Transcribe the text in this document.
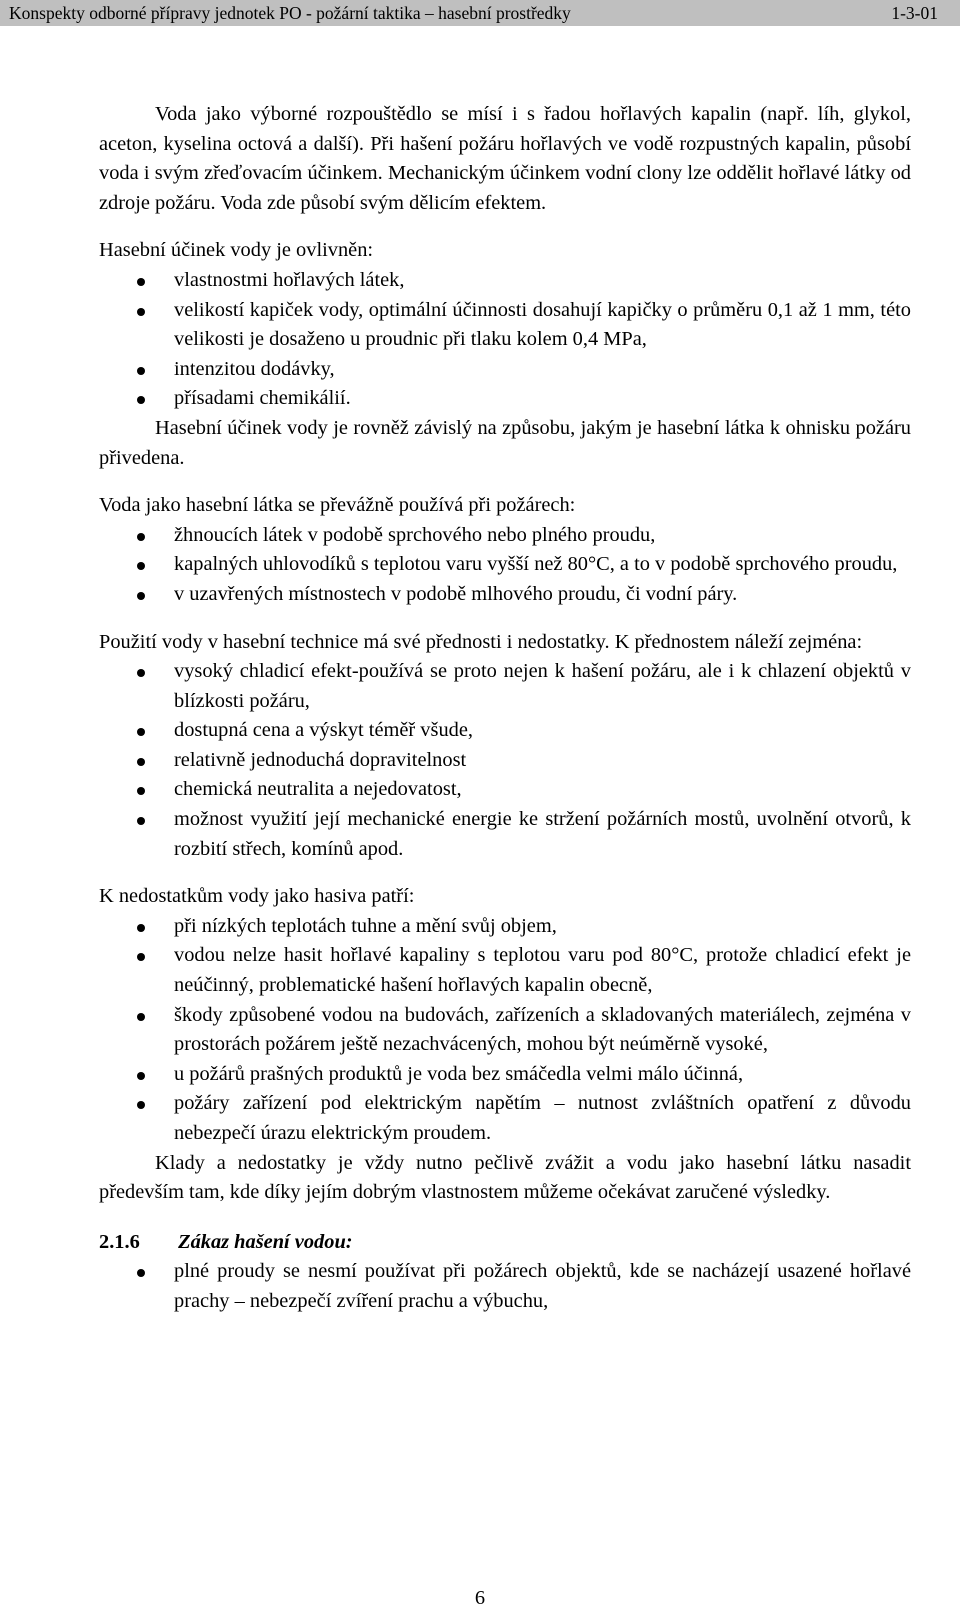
Konspekty odborné přípravy jednotek PO - požární taktika – hasební prostředky	1-3-01

Voda jako výborné rozpouštědlo se mísí i s řadou hořlavých kapalin (např. líh, glykol, aceton, kyselina octová a další). Při hašení požáru hořlavých ve vodě rozpustných kapalin, působí voda i svým zřeďovacím účinkem. Mechanickým účinkem vodní clony lze oddělit hořlavé látky od zdroje požáru. Voda zde působí svým dělicím efektem.

Hasební účinek vody je ovlivněn:

vlastnostmi hořlavých látek,
velikostí kapiček vody, optimální účinnosti dosahují kapičky o průměru 0,1 až 1 mm, této velikosti je dosaženo u proudnic při tlaku kolem 0,4 MPa,
intenzitou dodávky,
přísadami chemikálií.

Hasební účinek vody je rovněž závislý na způsobu, jakým je hasební látka k ohnisku požáru přivedena.

Voda jako hasební látka se převážně používá při požárech:

žhnoucích látek v podobě sprchového nebo plného proudu,
kapalných uhlovodíků s teplotou varu vyšší než 80°C, a to v podobě sprchového proudu,
v uzavřených místnostech v podobě mlhového proudu, či vodní páry.

Použití vody v hasební technice má své přednosti i nedostatky. K přednostem náleží zejména:

vysoký chladicí efekt-používá se proto nejen k hašení požáru, ale i k chlazení objektů v blízkosti požáru,
dostupná cena a výskyt téměř všude,
relativně jednoduchá dopravitelnost
chemická neutralita a nejedovatost,
možnost využití její mechanické energie ke stržení požárních mostů, uvolnění otvorů, k rozbití střech, komínů apod.

K nedostatkům vody jako hasiva patří:

při nízkých teplotách tuhne a mění svůj objem,
vodou nelze hasit hořlavé kapaliny s teplotou varu pod 80°C, protože chladicí efekt je neúčinný, problematické hašení hořlavých kapalin obecně,
škody způsobené vodou na budovách, zařízeních a skladovaných materiálech, zejména v prostorách požárem ještě nezachvácených, mohou být neúměrně vysoké,
u požárů prašných produktů je voda bez smáčedla velmi málo účinná,
požáry zařízení pod elektrickým napětím – nutnost zvláštních opatření z důvodu nebezpečí úrazu elektrickým proudem.

Klady a nedostatky je vždy nutno pečlivě zvážit a vodu jako hasební látku nasadit především tam, kde díky jejím dobrým vlastnostem můžeme očekávat zaručené výsledky.

2.1.6 Zákaz hašení vodou:
plné proudy se nesmí používat při požárech objektů, kde se nacházejí usazené hořlavé prachy – nebezpečí zvíření prachu a výbuchu,
6
